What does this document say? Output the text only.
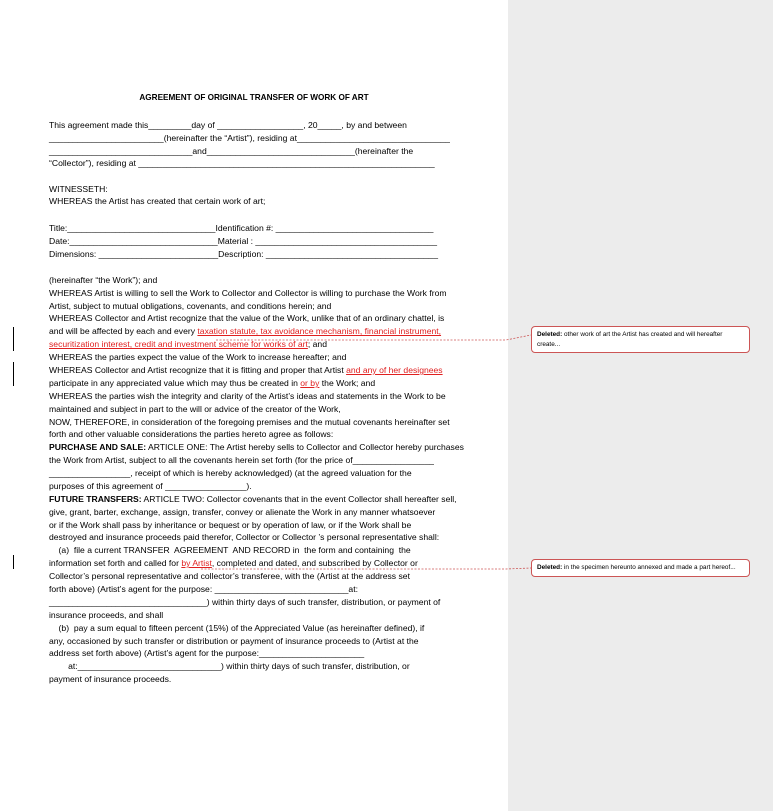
AGREEMENT OF ORIGINAL TRANSFER OF WORK OF ART
This agreement made this_________day of __________________, 20_____, by and between
________________________(hereinafter the “Artist”), residing at________________________________
______________________________and_______________________________(hereinafter the
“Collector”), residing at ______________________________________________________________
WITNESSETH:
WHEREAS the Artist has created that certain work of art;
Title:_______________________________Identification #: _________________________________
Date:_______________________________Material : ______________________________________
Dimensions: _________________________Description: ____________________________________
(hereinafter “the Work”); and
WHEREAS Artist is willing to sell the Work to Collector and Collector is willing to purchase the Work from
Artist, subject to mutual obligations, covenants, and conditions herein; and
WHEREAS Collector and Artist recognize that the value of the Work, unlike that of an ordinary chattel, is
and will be affected by each and every taxation statute, tax avoidance mechanism, financial instrument,
securitization interest, credit and investment scheme for works of art; and
WHEREAS the parties expect the value of the Work to increase hereafter; and
WHEREAS Collector and Artist recognize that it is fitting and proper that Artist and any of her designees
participate in any appreciated value which may thus be created in or by the Work; and
WHEREAS the parties wish the integrity and clarity of the Artist’s ideas and statements in the Work to be
maintained and subject in part to the will or advice of the creator of the Work,
NOW, THEREFORE, in consideration of the foregoing premises and the mutual covenants hereinafter set
forth and other valuable considerations the parties hereto agree as follows:
PURCHASE AND SALE: ARTICLE ONE: The Artist hereby sells to Collector and Collector hereby purchases
the Work from Artist, subject to all the covenants herein set forth (for the price of_________________
_________________, receipt of which is hereby acknowledged) (at the agreed valuation for the
purposes of this agreement of _________________).
FUTURE TRANSFERS: ARTICLE TWO: Collector covenants that in the event Collector shall hereafter sell,
give, grant, barter, exchange, assign, transfer, convey or alienate the Work in any manner whatsoever
or if the Work shall pass by inheritance or bequest or by operation of law, or if the Work shall be
destroyed and insurance proceeds paid therefor, Collector or Collector ’s personal representative shall:
(a)  file a current TRANSFER  AGREEMENT  AND RECORD in  the form and containing  the
information set forth and called for by Artist, completed and dated, and subscribed by Collector or
Collector’s personal representative and collector’s transferee, with the (Artist at the address set
forth above) (Artist’s agent for the purpose: ____________________________at:
_________________________________) within thirty days of such transfer, distribution, or payment of
insurance proceeds, and shall
(b)  pay a sum equal to fifteen percent (15%) of the Appreciated Value (as hereinafter defined), if
any, occasioned by such transfer or distribution or payment of insurance proceeds to (Artist at the
address set forth above) (Artist’s agent for the purpose:______________________
at:______________________________) within thirty days of such transfer, distribution, or
payment of insurance proceeds.
Deleted: other work of art the Artist has created and will hereafter create...
Deleted: in the specimen hereunto annexed and made a part hereof...
